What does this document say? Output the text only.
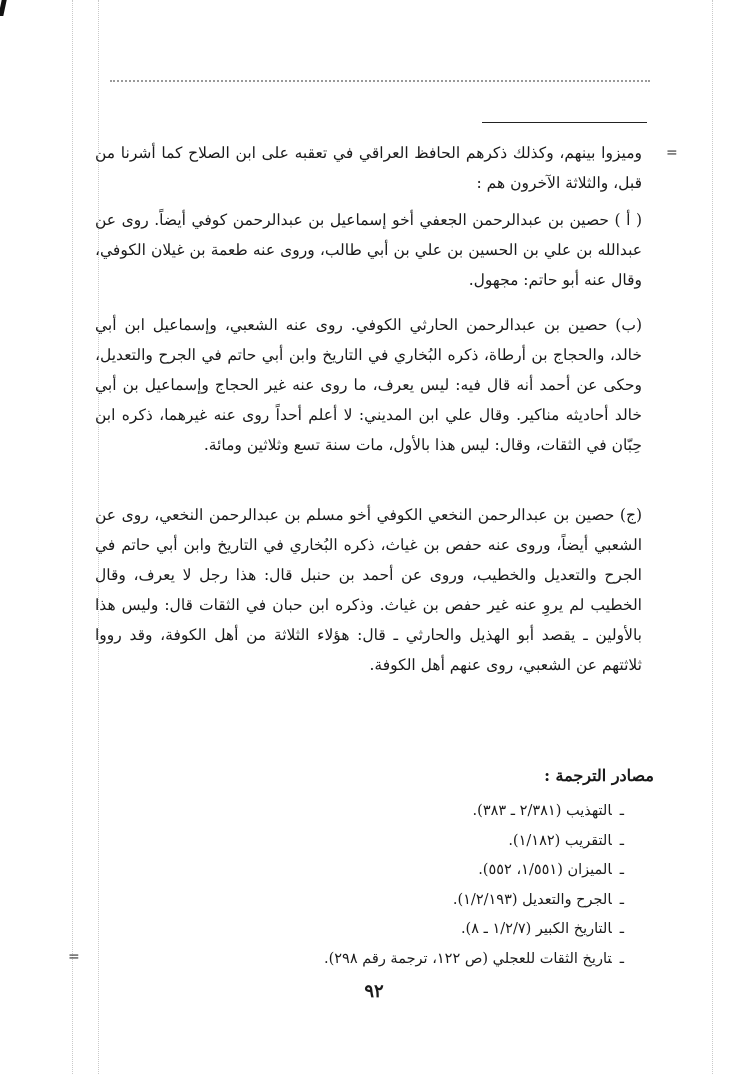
=
=

وميزوا بينهم، وكذلك ذكرهم الحافظ العراقي في تعقبه على ابن الصلاح كما أشرنا من قبل، والثلاثة الآخرون هم :

( أ ) حصين بن عبدالرحمن الجعفي أخو إسماعيل بن عبدالرحمن كوفي أيضاً. روى عن عبدالله بن علي بن الحسين بن علي بن أبي طالب، وروى عنه طعمة بن غيلان الكوفي، وقال عنه أبو حاتم: مجهول.

(ب) حصين بن عبدالرحمن الحارثي الكوفي. روى عنه الشعبي، وإسماعيل ابن أبي خالد، والحجاج بن أرطاة، ذكره البُخاري في التاريخ وابن أبي حاتم في الجرح والتعديل، وحكى عن أحمد أنه قال فيه: ليس يعرف، ما روى عنه غير الحجاج وإسماعيل بن أبي خالد أحاديثه مناكير. وقال علي ابن المديني: لا أعلم أحداً روى عنه غيرهما، ذكره ابن حِبّان في الثقات، وقال: ليس هذا بالأول، مات سنة تسع وثلاثين ومائة.

(ج) حصين بن عبدالرحمن النخعي الكوفي أخو مسلم بن عبدالرحمن النخعي، روى عن الشعبي أيضاً، وروى عنه حفص بن غياث، ذكره البُخاري في التاريخ وابن أبي حاتم في الجرح والتعديل والخطيب، وروى عن أحمد بن حنبل قال: هذا رجل لا يعرف، وقال الخطيب لم يروِ عنه غير حفص بن غياث. وذكره ابن حبان في الثقات قال: وليس هذا بالأولين ـ يقصد أبو الهذيل والحارثي ـ قال: هؤلاء الثلاثة من أهل الكوفة، وقد رووا ثلاثتهم عن الشعبي، روى عنهم أهل الكوفة.

مصادر الترجمة :
ـالتهذيب (٢/٣٨١ ـ ٣٨٣).
ـالتقريب (١/١٨٢).
ـالميزان (١/٥٥١، ٥٥٢).
ـالجرح والتعديل (١/٢/١٩٣).
ـالتاريخ الكبير (١/٢/٧ ـ ٨).
ـتاريخ الثقات للعجلي (ص ١٢٢، ترجمة رقم ٢٩٨).
٩٢
